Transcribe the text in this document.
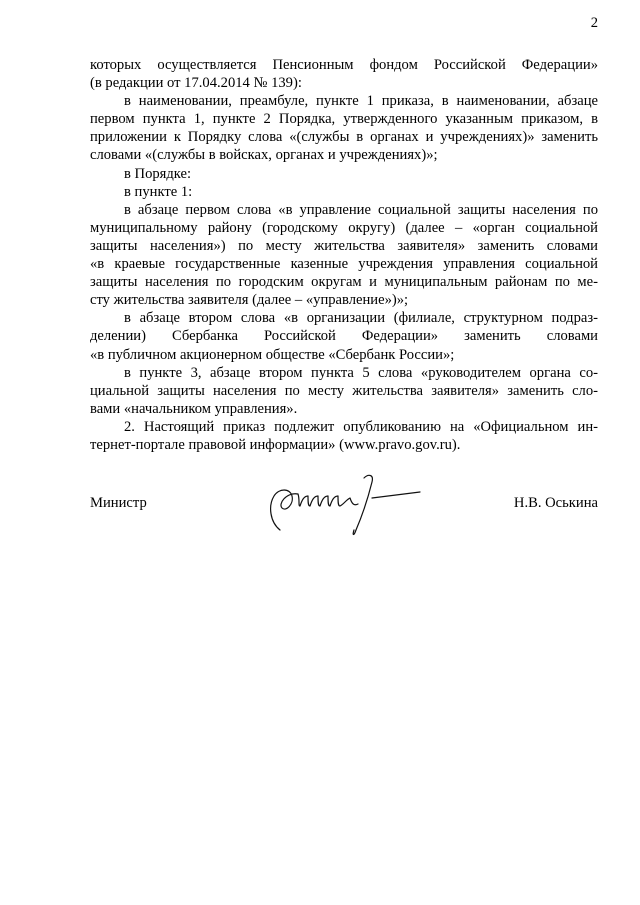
2
которых осуществляется Пенсионным фондом Российской Федерации»
(в редакции от 17.04.2014 № 139):
в наименовании, преамбуле, пункте 1 приказа, в наименовании, абзаце
первом пункта 1, пункте 2 Порядка, утвержденного указанным приказом, в
приложении к Порядку слова «(службы в органах и учреждениях)» заменить
словами «(службы в войсках, органах и учреждениях)»;
в Порядке:
в пункте 1:
в абзаце первом слова «в управление социальной защиты населения по
муниципальному району (городскому округу) (далее – «орган социальной
защиты населения») по месту жительства заявителя» заменить словами
«в краевые государственные казенные учреждения управления социальной
защиты населения по городским округам и муниципальным районам по ме-
сту жительства заявителя (далее – «управление»)»;
в абзаце втором слова «в организации (филиале, структурном подраз-
делении) Сбербанка Российской Федерации» заменить словами
«в публичном акционерном обществе «Сбербанк России»;
в пункте 3, абзаце втором пункта 5 слова «руководителем органа со-
циальной защиты населения по месту жительства заявителя» заменить сло-
вами «начальником управления».
2. Настоящий приказ подлежит опубликованию на «Официальном ин-
тернет-портале правовой информации» (www.pravo.gov.ru).
Министр	Н.В. Оськина
